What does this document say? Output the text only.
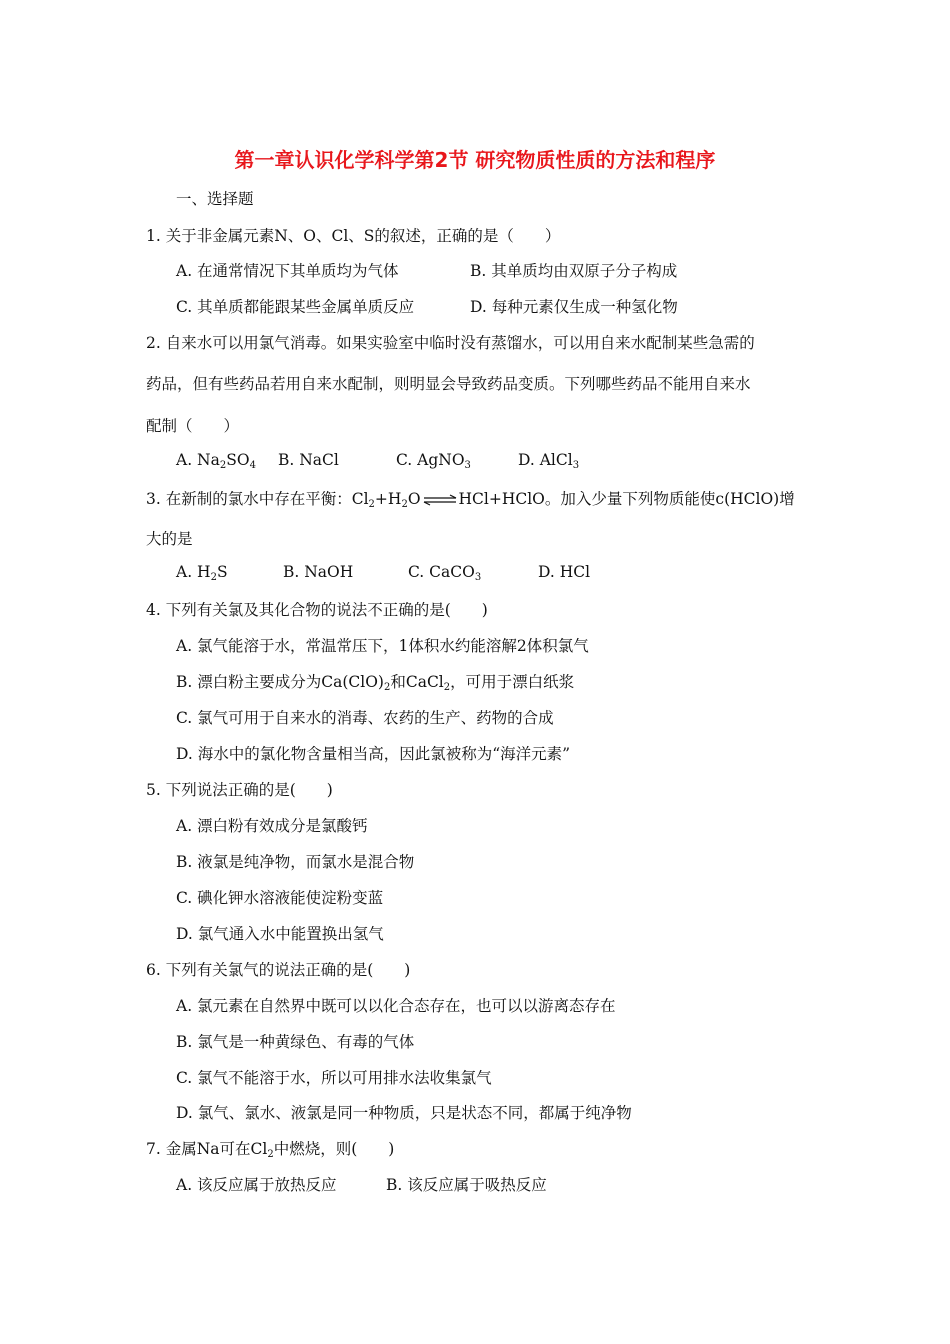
第一章认识化学科学第2节 研究物质性质的方法和程序
一、选择题
1. 关于非金属元素N、O、Cl、S的叙述，正确的是（　　）
A. 在通常情况下其单质均为气体	B. 其单质均由双原子分子构成
C. 其单质都能跟某些金属单质反应	D. 每种元素仅生成一种氢化物
2. 自来水可以用氯气消毒。如果实验室中临时没有蒸馏水，可以用自来水配制某些急需的
药品，但有些药品若用自来水配制，则明显会导致药品变质。下列哪些药品不能用自来水
配制（　　）
A. $Na_2SO_4$ B. NaCl	C. AgNO$_3$	D. AlCl$_3$
3. 在新制的氯水中存在平衡：$Cl_2+H_2O$ ⇌ HCl+HClO。加入少量下列物质能使c(HClO)增
大的是
A. $H_2S$	B. NaOH	C. CaCO$_3$	D. HCl
4. 下列有关氯及其化合物的说法不正确的是(　　)
A. 氯气能溶于水，常温常压下，1体积水约能溶解2体积氯气
B. 漂白粉主要成分为$Ca(ClO)_2$和CaCl$_2$，可用于漂白纸浆
C. 氯气可用于自来水的消毒、农药的生产、药物的合成
D. 海水中的氯化物含量相当高，因此氯被称为“海洋元素”
5. 下列说法正确的是(　　)
A. 漂白粉有效成分是氯酸钙
B. 液氯是纯净物，而氯水是混合物
C. 碘化钾水溶液能使淀粉变蓝
D. 氯气通入水中能置换出氢气
6. 下列有关氯气的说法正确的是(　　)
A. 氯元素在自然界中既可以以化合态存在，也可以以游离态存在
B. 氯气是一种黄绿色、有毒的气体
C. 氯气不能溶于水，所以可用排水法收集氯气
D. 氯气、氯水、液氯是同一种物质，只是状态不同，都属于纯净物
7. 金属Na可在$Cl_2$中燃烧，则(　　)
A. 该反应属于放热反应	B. 该反应属于吸热反应
